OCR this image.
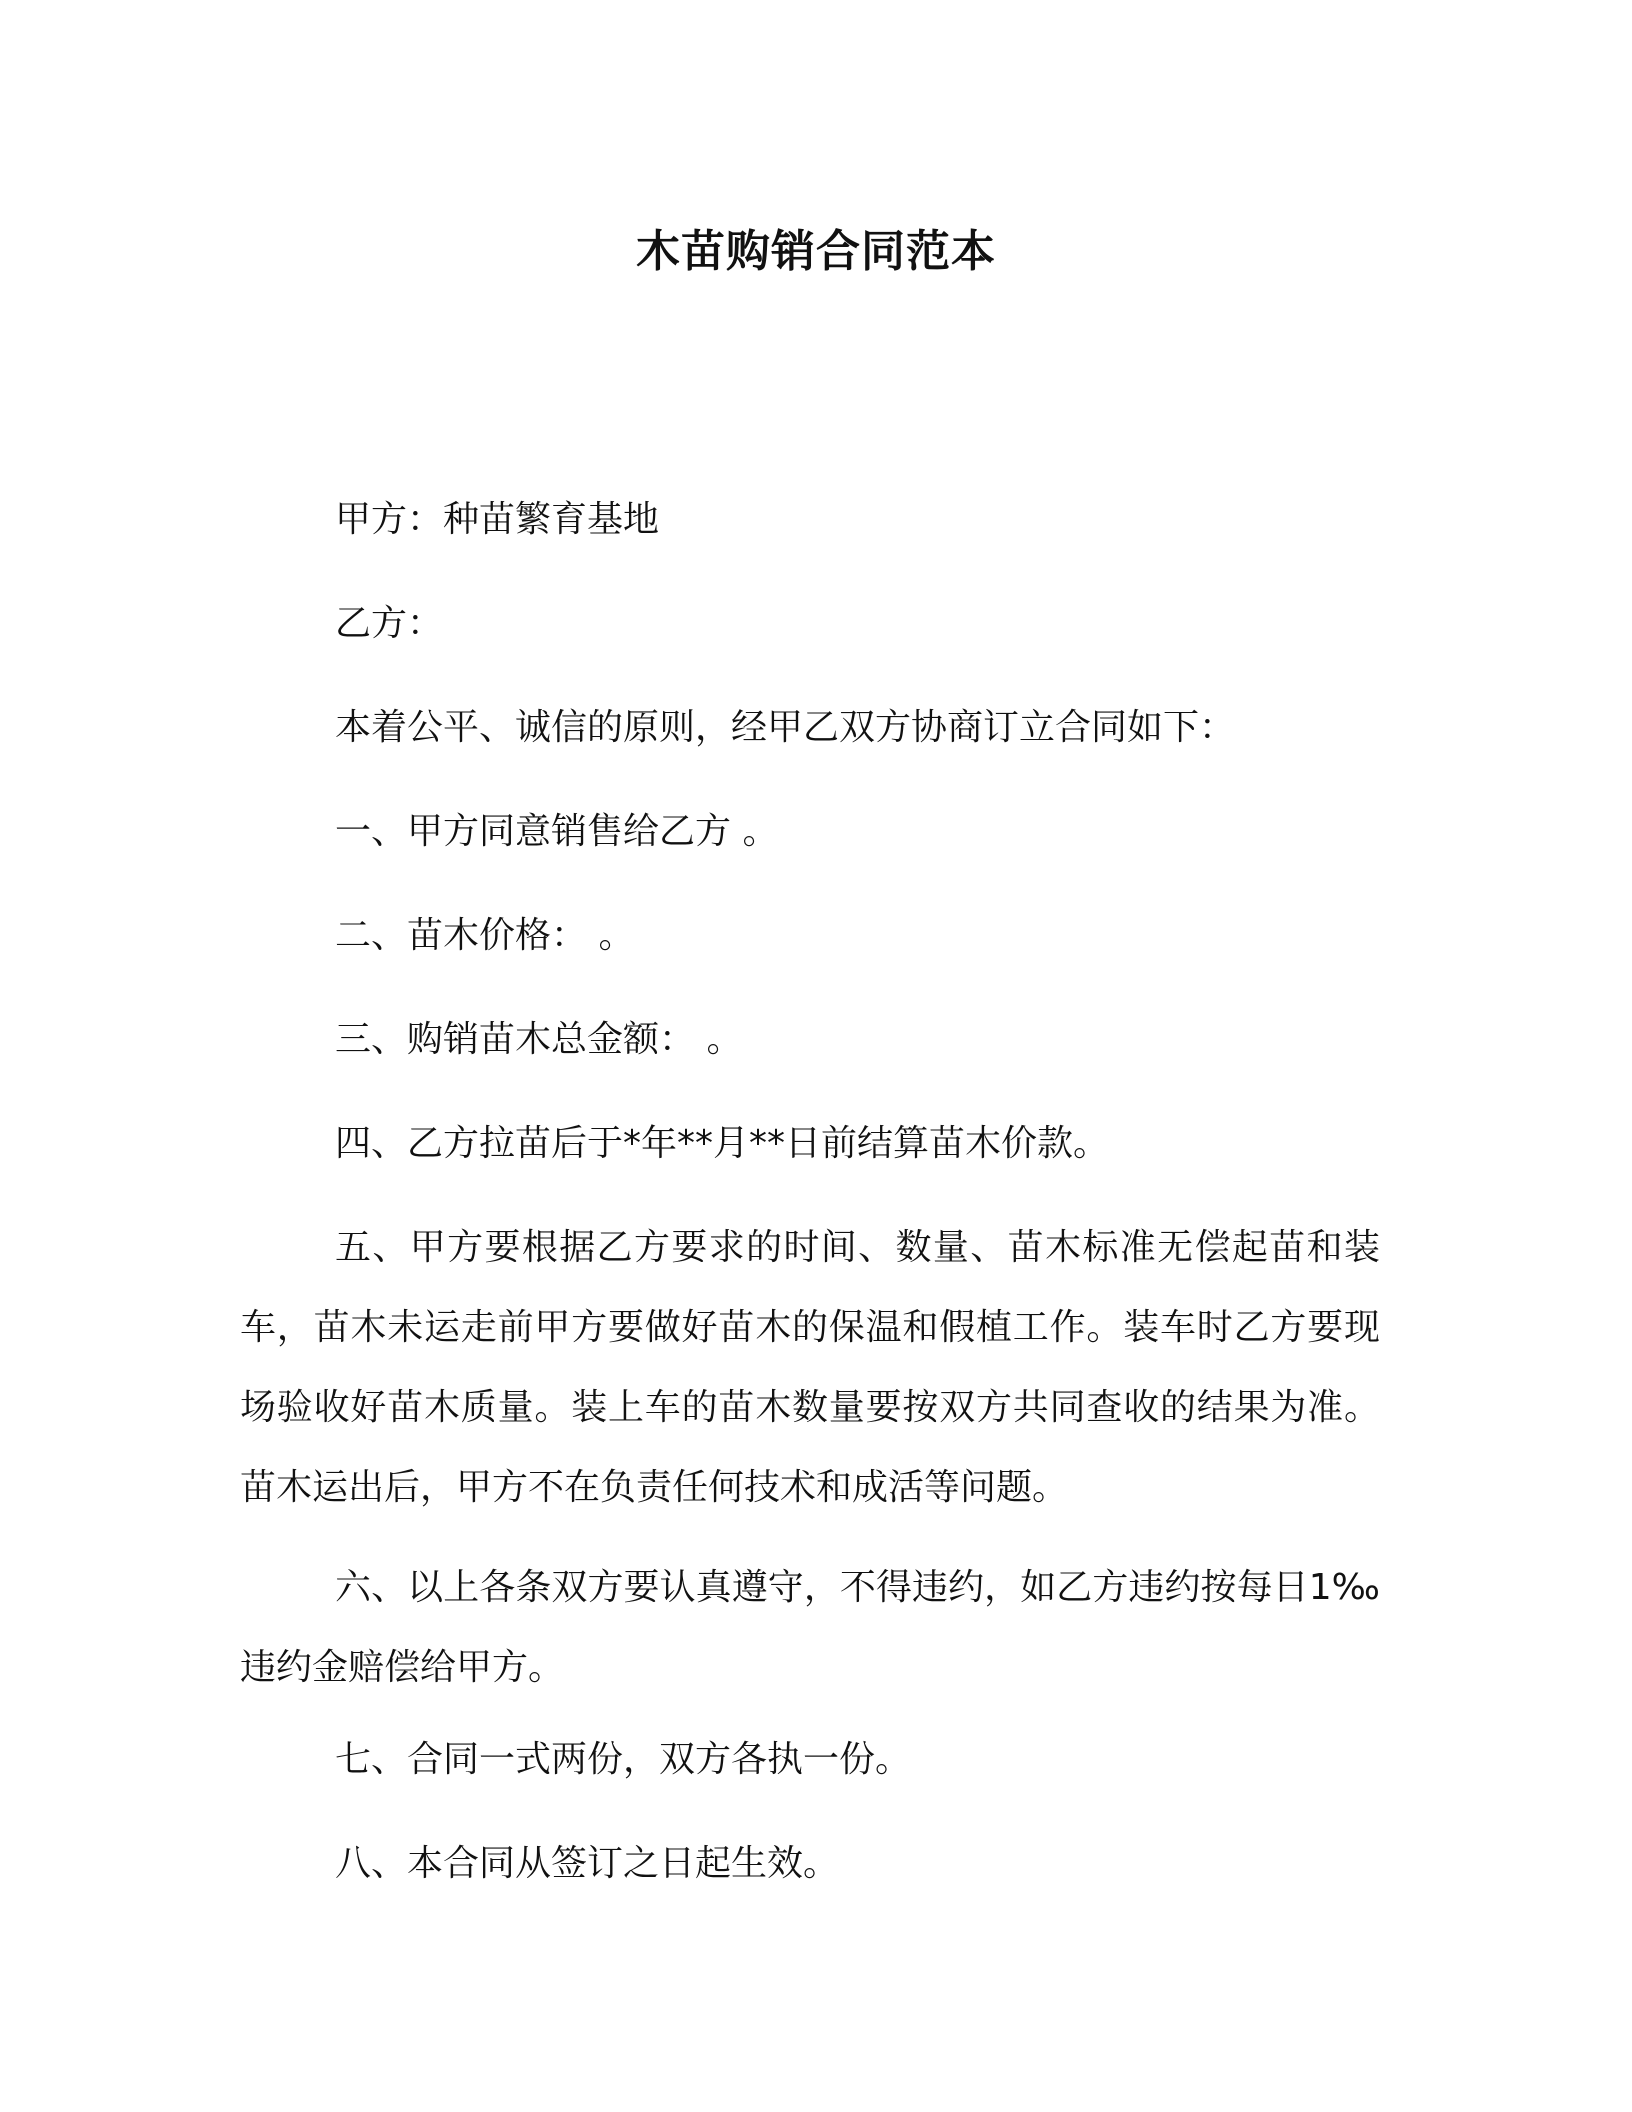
木苗购销合同范本
甲方：种苗繁育基地
乙方：
本着公平、诚信的原则，经甲乙双方协商订立合同如下：
一、甲方同意销售给乙方 。
二、苗木价格： 。
三、购销苗木总金额： 。
四、乙方拉苗后于*年**月**日前结算苗木价款。
五、甲方要根据乙方要求的时间、数量、苗木标准无偿起苗和装车，苗木未运走前甲方要做好苗木的保温和假植工作。装车时乙方要现场验收好苗木质量。装上车的苗木数量要按双方共同查收的结果为准。苗木运出后，甲方不在负责任何技术和成活等问题。
六、以上各条双方要认真遵守，不得违约，如乙方违约按每日1‰违约金赔偿给甲方。
七、合同一式两份，双方各执一份。
八、本合同从签订之日起生效。
